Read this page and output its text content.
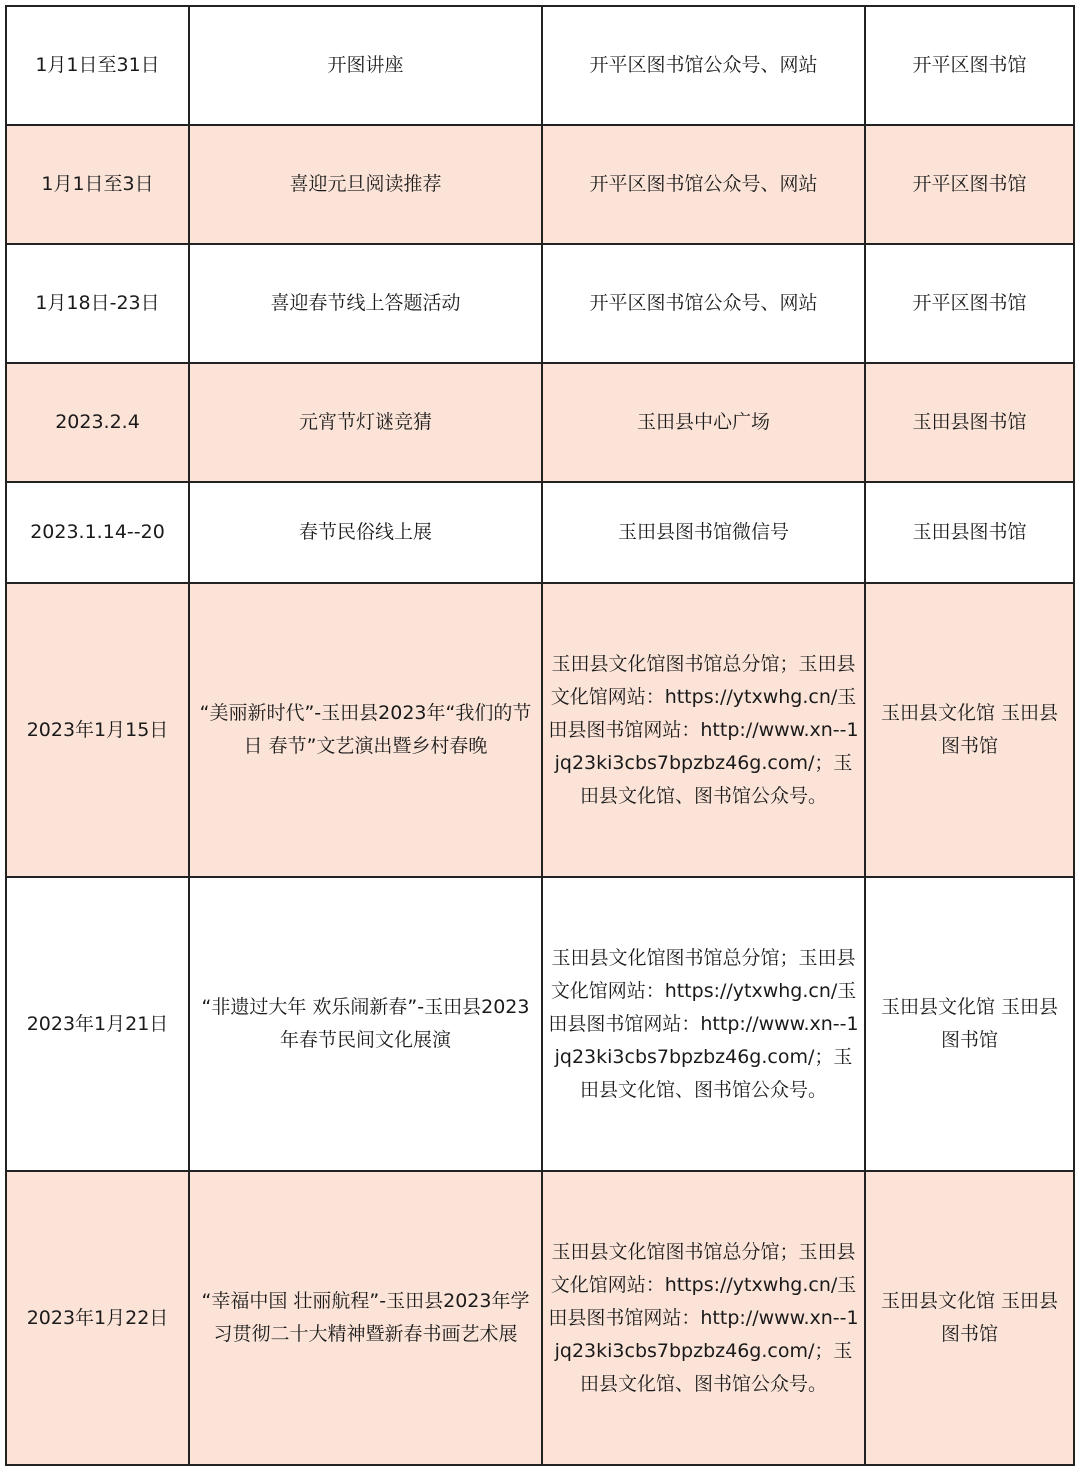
1月1日至31日	开图讲座	开平区图书馆公众号、网站	开平区图书馆
1月1日至3日	喜迎元旦阅读推荐	开平区图书馆公众号、网站	开平区图书馆
1月18日-23日	喜迎春节线上答题活动	开平区图书馆公众号、网站	开平区图书馆
2023.2.4	元宵节灯谜竞猜	玉田县中心广场	玉田县图书馆
2023.1.14--20	春节民俗线上展	玉田县图书馆微信号	玉田县图书馆
2023年1月15日	“美丽新时代”-玉田县2023年“我们的节日 春节”文艺演出暨乡村春晚	玉田县文化馆图书馆总分馆；玉田县文化馆网站：https://ytxwhg.cn/玉田县图书馆网站：http://www.xn--1jq23ki3cbs7bpzbz46g.com/；玉田县文化馆、图书馆公众号。	玉田县文化馆 玉田县图书馆
2023年1月21日	“非遗过大年 欢乐闹新春”-玉田县2023年春节民间文化展演	玉田县文化馆图书馆总分馆；玉田县文化馆网站：https://ytxwhg.cn/玉田县图书馆网站：http://www.xn--1jq23ki3cbs7bpzbz46g.com/；玉田县文化馆、图书馆公众号。	玉田县文化馆 玉田县图书馆
2023年1月22日	“幸福中国 壮丽航程”-玉田县2023年学习贯彻二十大精神暨新春书画艺术展	玉田县文化馆图书馆总分馆；玉田县文化馆网站：https://ytxwhg.cn/玉田县图书馆网站：http://www.xn--1jq23ki3cbs7bpzbz46g.com/；玉田县文化馆、图书馆公众号。	玉田县文化馆 玉田县图书馆
